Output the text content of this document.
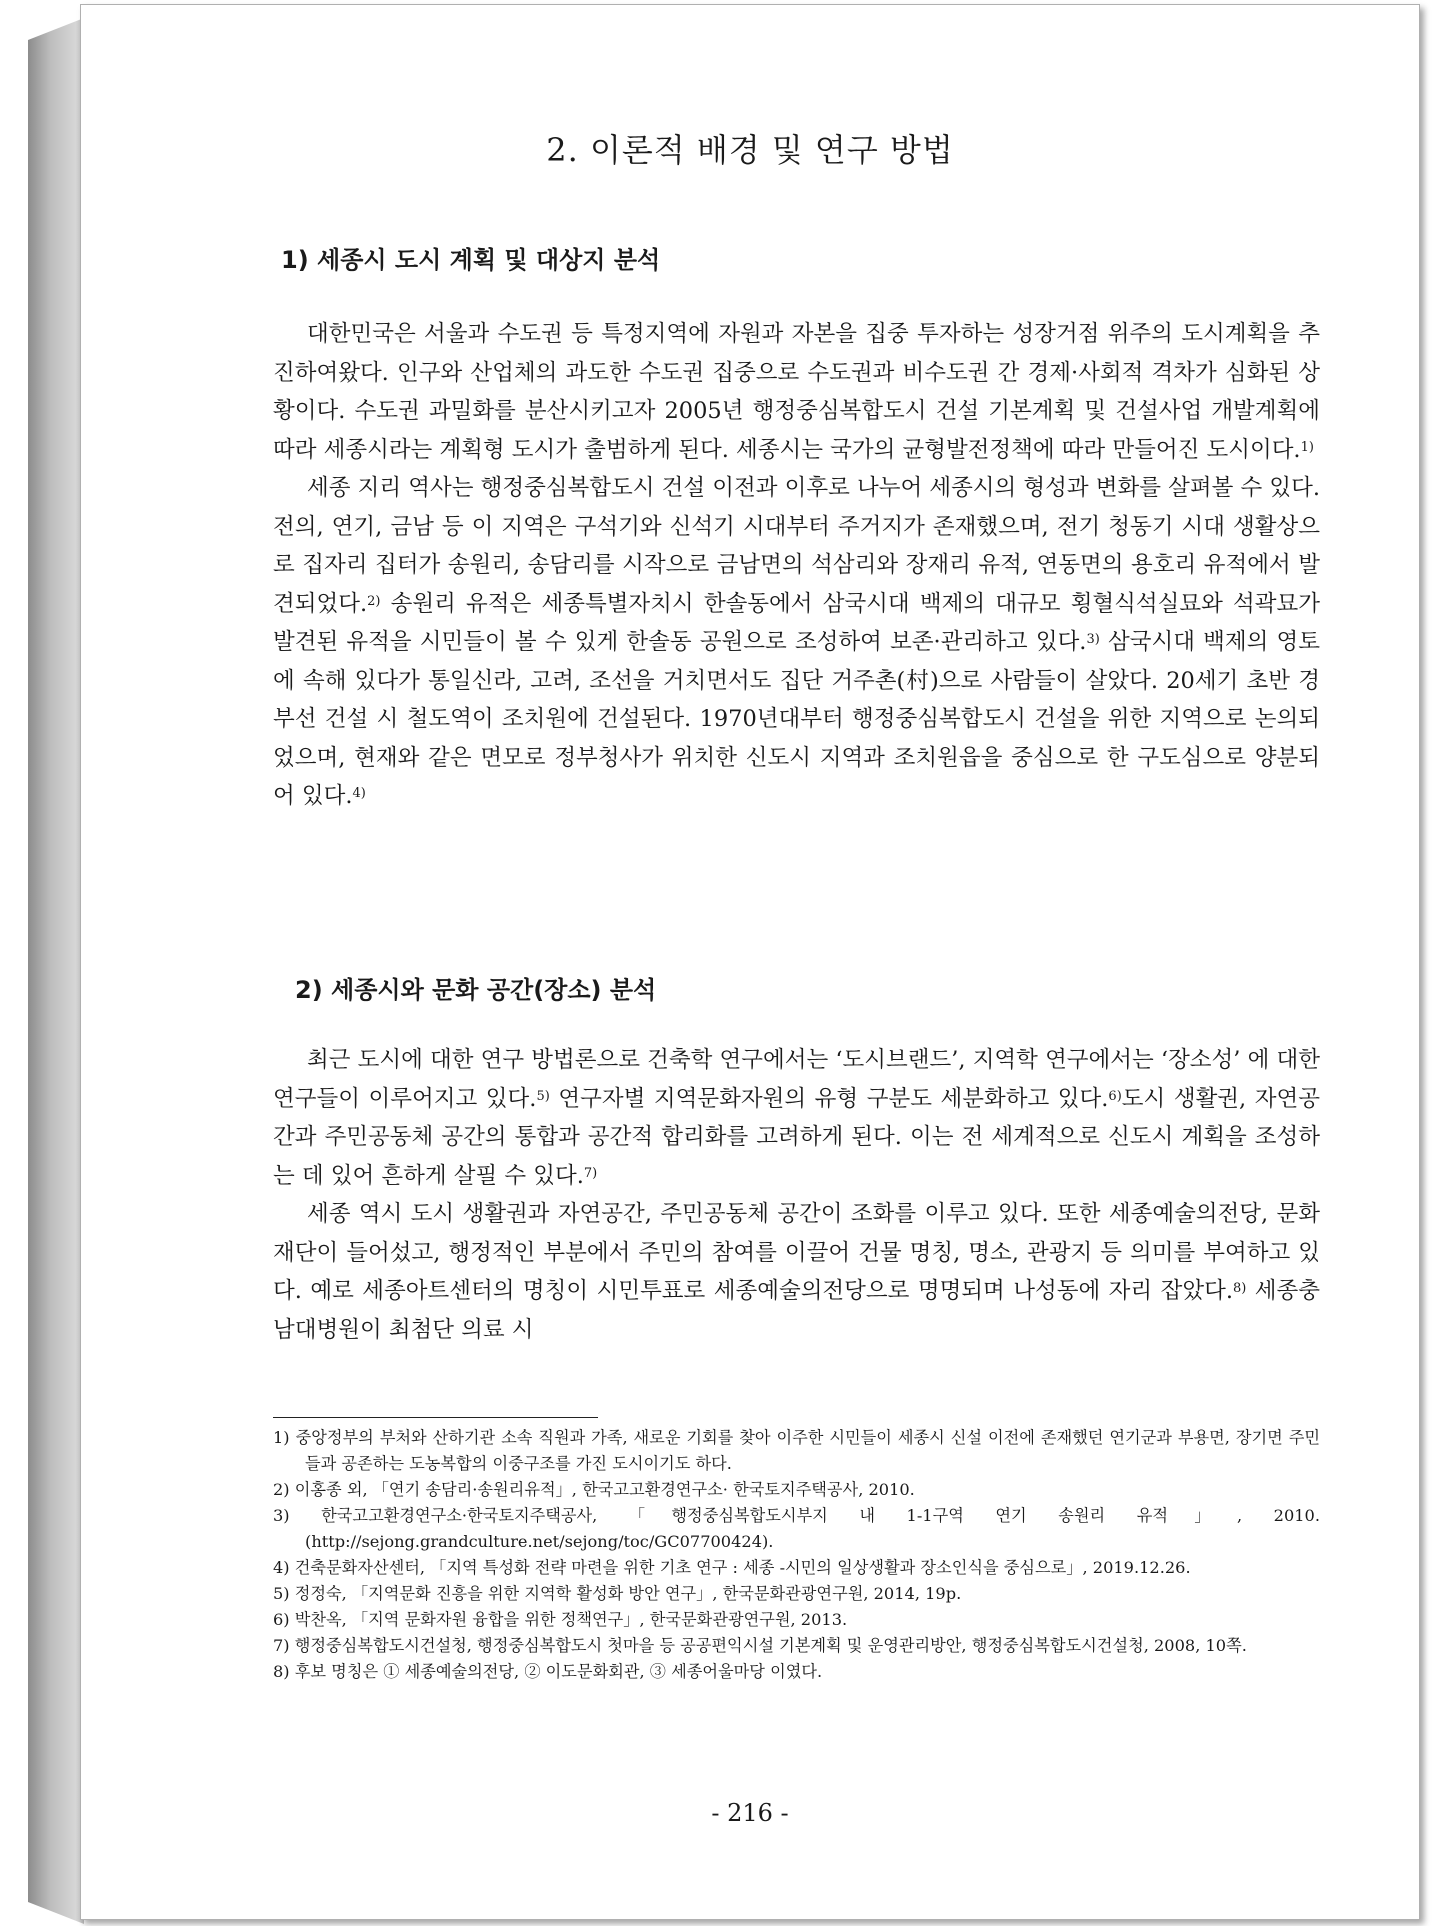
2. 이론적 배경 및 연구 방법
1) 세종시 도시 계획 및 대상지 분석

대한민국은 서울과 수도권 등 특정지역에 자원과 자본을 집중 투자하는 성장거점 위주의 도시계획을 추진하여왔다. 인구와 산업체의 과도한 수도권 집중으로 수도권과 비수도권 간 경제·사회적 격차가 심화된 상황이다. 수도권 과밀화를 분산시키고자 2005년 행정중심복합도시 건설 기본계획 및 건설사업 개발계획에 따라 세종시라는 계획형 도시가 출범하게 된다. 세종시는 국가의 균형발전정책에 따라 만들어진 도시이다.$^{1)}$

세종 지리 역사는 행정중심복합도시 건설 이전과 이후로 나누어 세종시의 형성과 변화를 살펴볼 수 있다. 전의, 연기, 금남 등 이 지역은 구석기와 신석기 시대부터 주거지가 존재했으며, 전기 청동기 시대 생활상으로 집자리 집터가 송원리, 송담리를 시작으로 금남면의 석삼리와 장재리 유적, 연동면의 용호리 유적에서 발견되었다.$^{2)}$ 송원리 유적은 세종특별자치시 한솔동에서 삼국시대 백제의 대규모 횡혈식석실묘와 석곽묘가 발견된 유적을 시민들이 볼 수 있게 한솔동 공원으로 조성하여 보존·관리하고 있다.$^{3)}$ 삼국시대 백제의 영토에 속해 있다가 통일신라, 고려, 조선을 거치면서도 집단 거주촌(村)으로 사람들이 살았다. 20세기 초반 경부선 건설 시 철도역이 조치원에 건설된다. 1970년대부터 행정중심복합도시 건설을 위한 지역으로 논의되었으며, 현재와 같은 면모로 정부청사가 위치한 신도시 지역과 조치원읍을 중심으로 한 구도심으로 양분되어 있다.$^{4)}$

2) 세종시와 문화 공간(장소) 분석

최근 도시에 대한 연구 방법론으로 건축학 연구에서는 ‘도시브랜드’, 지역학 연구에서는 ‘장소성’ 에 대한 연구들이 이루어지고 있다.$^{5)}$ 연구자별 지역문화자원의 유형 구분도 세분화하고 있다.$^{6)}$도시 생활권, 자연공간과 주민공동체 공간의 통합과 공간적 합리화를 고려하게 된다. 이는 전 세계적으로 신도시 계획을 조성하는 데 있어 흔하게 살필 수 있다.$^{7)}$

세종 역시 도시 생활권과 자연공간, 주민공동체 공간이 조화를 이루고 있다. 또한 세종예술의전당, 문화재단이 들어섰고, 행정적인 부분에서 주민의 참여를 이끌어 건물 명칭, 명소, 관광지 등 의미를 부여하고 있다. 예로 세종아트센터의 명칭이 시민투표로 세종예술의전당으로 명명되며 나성동에 자리 잡았다.$^{8)}$ 세종충남대병원이 최첨단 의료 시

1) 중앙정부의 부처와 산하기관 소속 직원과 가족, 새로운 기회를 찾아 이주한 시민들이 세종시 신설 이전에 존재했던 연기군과 부용면, 장기면 주민들과 공존하는 도농복합의 이중구조를 가진 도시이기도 하다.
2) 이홍종 외, 「연기 송담리·송원리유적」, 한국고고환경연구소· 한국토지주택공사, 2010.
3) 한국고고환경연구소·한국토지주택공사, 「행정중심복합도시부지 내 1-1구역 연기 송원리 유적」, 2010. (http://sejong.grandculture.net/sejong/toc/GC07700424).
4) 건축문화자산센터, 「지역 특성화 전략 마련을 위한 기초 연구 : 세종 -시민의 일상생활과 장소인식을 중심으로」, 2019.12.26.
5) 정정숙, 「지역문화 진흥을 위한 지역학 활성화 방안 연구」, 한국문화관광연구원, 2014, 19p.
6) 박찬옥, 「지역 문화자원 융합을 위한 정책연구」, 한국문화관광연구원, 2013.
7) 행정중심복합도시건설청, 행정중심복합도시 첫마을 등 공공편익시설 기본계획 및 운영관리방안, 행정중심복합도시건설청, 2008, 10쪽.
8) 후보 명칭은 ① 세종예술의전당, ② 이도문화회관, ③ 세종어울마당 이였다.
- 216 -
